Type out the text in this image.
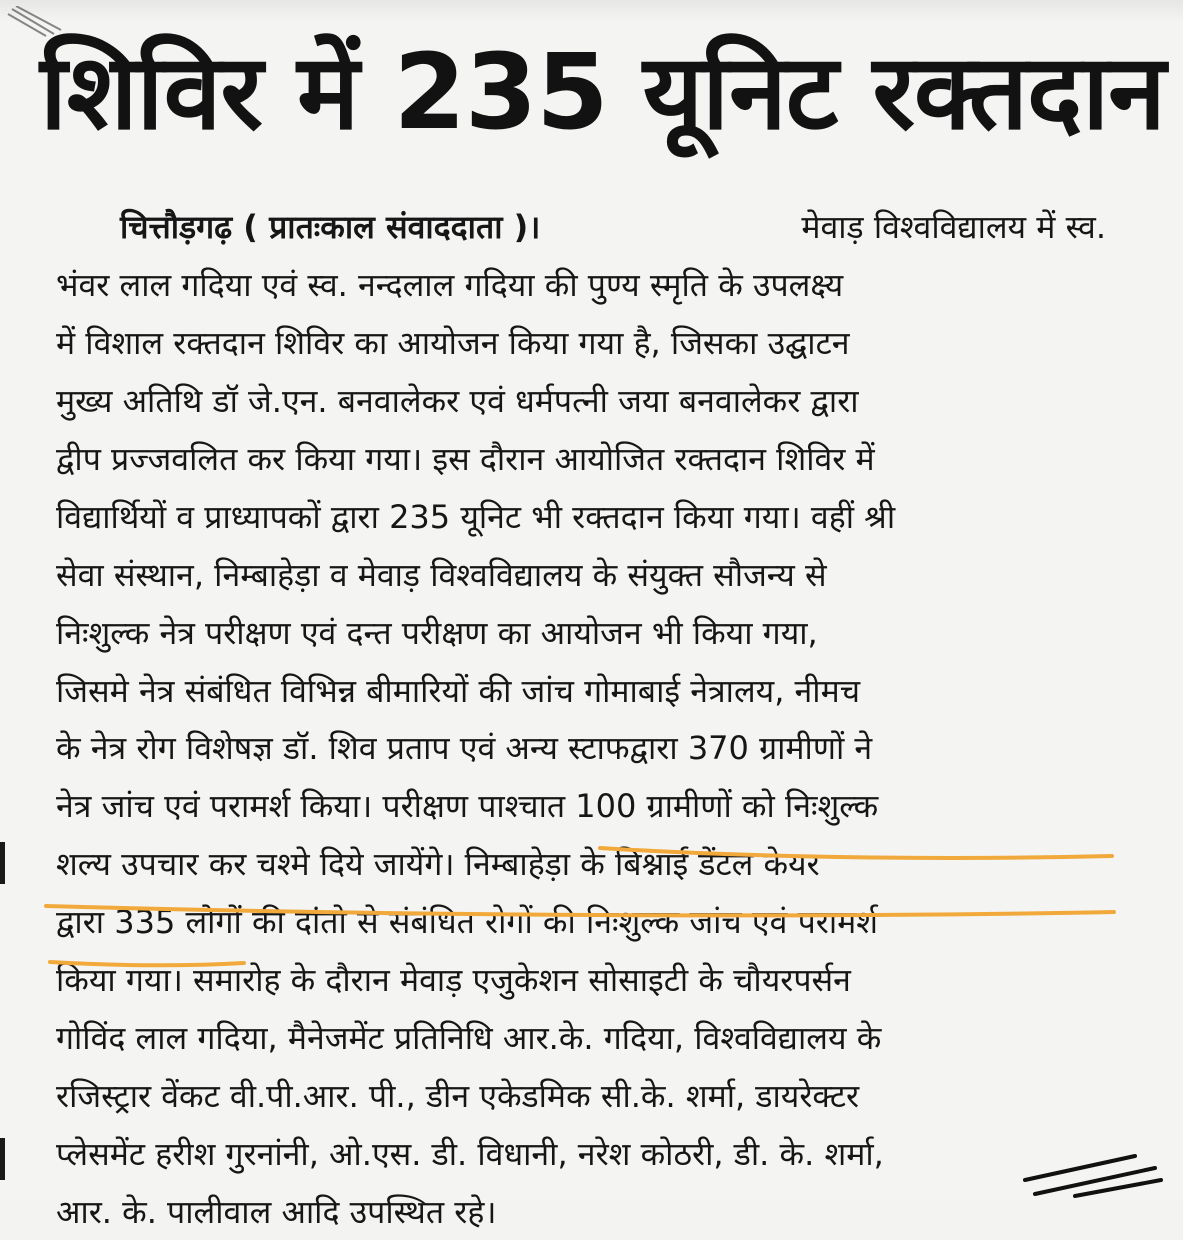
शिविर में 235 यूनिट रक्तदान
चित्तौड़गढ़ ( प्रातःकाल संवाददाता )।	मेवाड़ विश्वविद्यालय में स्व.
भंवर लाल गदिया एवं स्व. नन्दलाल गदिया की पुण्य स्मृति के उपलक्ष्य
में विशाल रक्तदान शिविर का आयोजन किया गया है, जिसका उद्घाटन
मुख्य अतिथि डॉ जे.एन. बनवालेकर एवं धर्मपत्नी जया बनवालेकर द्वारा
द्वीप प्रज्जवलित कर किया गया। इस दौरान आयोजित रक्तदान शिविर में
विद्यार्थियों व प्राध्यापकों द्वारा 235 यूनिट भी रक्तदान किया गया। वहीं श्री
सेवा संस्थान, निम्बाहेड़ा व मेवाड़ विश्वविद्यालय के संयुक्त सौजन्य से
निःशुल्क नेत्र परीक्षण एवं दन्त परीक्षण का आयोजन भी किया गया,
जिसमे नेत्र संबंधित विभिन्न बीमारियों की जांच गोमाबाई नेत्रालय, नीमच
के नेत्र रोग विशेषज्ञ डॉ. शिव प्रताप एवं अन्य स्टाफद्वारा 370 ग्रामीणों ने
नेत्र जांच एवं परामर्श किया। परीक्षण पाश्चात 100 ग्रामीणों को निःशुल्क
शल्य उपचार कर चश्मे दिये जायेंगे। निम्बाहेड़ा के बिश्नाई डेंटल केयर
द्वारा 335 लोगों की दांतो से संबंधित रोगों की निःशुल्क जांच एवं परामर्श
किया गया। समारोह के दौरान मेवाड़ एजुकेशन सोसाइटी के चौयरपर्सन
गोविंद लाल गदिया, मैनेजमेंट प्रतिनिधि आर.के. गदिया, विश्वविद्यालय के
रजिस्ट्रार वेंकट वी.पी.आर. पी., डीन एकेडमिक सी.के. शर्मा, डायरेक्टर
प्लेसमेंट हरीश गुरनांनी, ओ.एस. डी. विधानी, नरेश कोठरी, डी. के. शर्मा,
आर. के. पालीवाल आदि उपस्थित रहे।
